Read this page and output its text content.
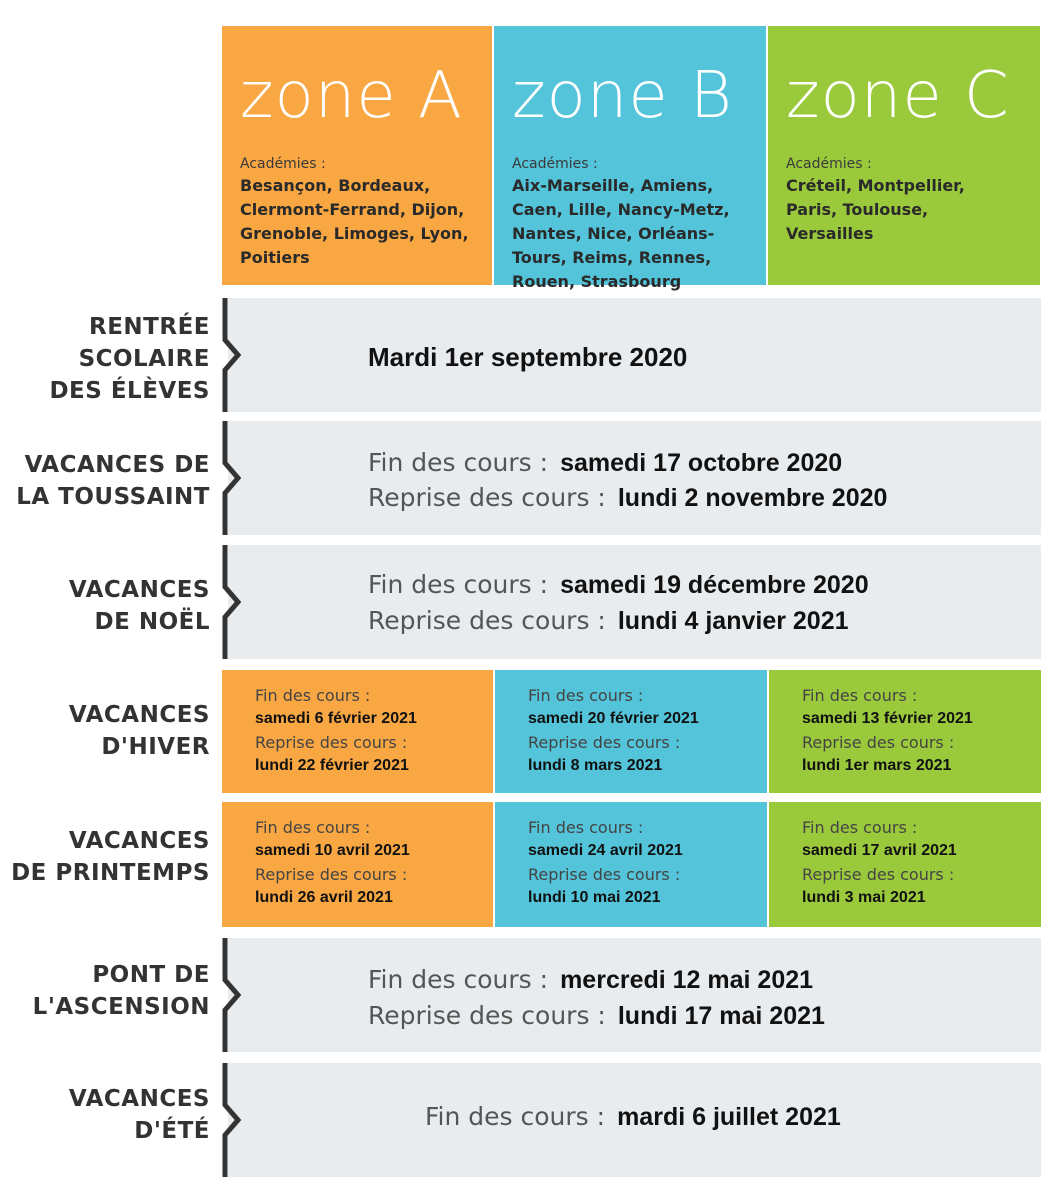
zone A
Académies :
Besançon, Bordeaux, Clermont-Ferrand, Dijon, Grenoble, Limoges, Lyon, Poitiers
zone B
Académies :
Aix-Marseille, Amiens, Caen, Lille, Nancy-Metz, Nantes, Nice, Orléans-Tours, Reims, Rennes, Rouen, Strasbourg
zone C
Académies :
Créteil, Montpellier, Paris, Toulouse, Versailles
RENTRÉE
SCOLAIRE
DES ÉLÈVES
Mardi 1er septembre 2020
VACANCES DE
LA TOUSSAINT
Fin des cours : samedi 17 octobre 2020
Reprise des cours : lundi 2 novembre 2020
VACANCES
DE NOËL
Fin des cours : samedi 19 décembre 2020
Reprise des cours : lundi 4 janvier 2021
VACANCES
D'HIVER
Fin des cours :
samedi 6 février 2021
Reprise des cours :
lundi 22 février 2021
Fin des cours :
samedi 20 février 2021
Reprise des cours :
lundi 8 mars 2021
Fin des cours :
samedi 13 février 2021
Reprise des cours :
lundi 1er mars 2021
VACANCES
DE PRINTEMPS
Fin des cours :
samedi 10 avril 2021
Reprise des cours :
lundi 26 avril 2021
Fin des cours :
samedi 24 avril 2021
Reprise des cours :
lundi 10 mai 2021
Fin des cours :
samedi 17 avril 2021
Reprise des cours :
lundi 3 mai 2021
PONT DE
L'ASCENSION
Fin des cours : mercredi 12 mai 2021
Reprise des cours : lundi 17 mai 2021
VACANCES
D'ÉTÉ	Fin des cours : mardi 6 juillet 2021
